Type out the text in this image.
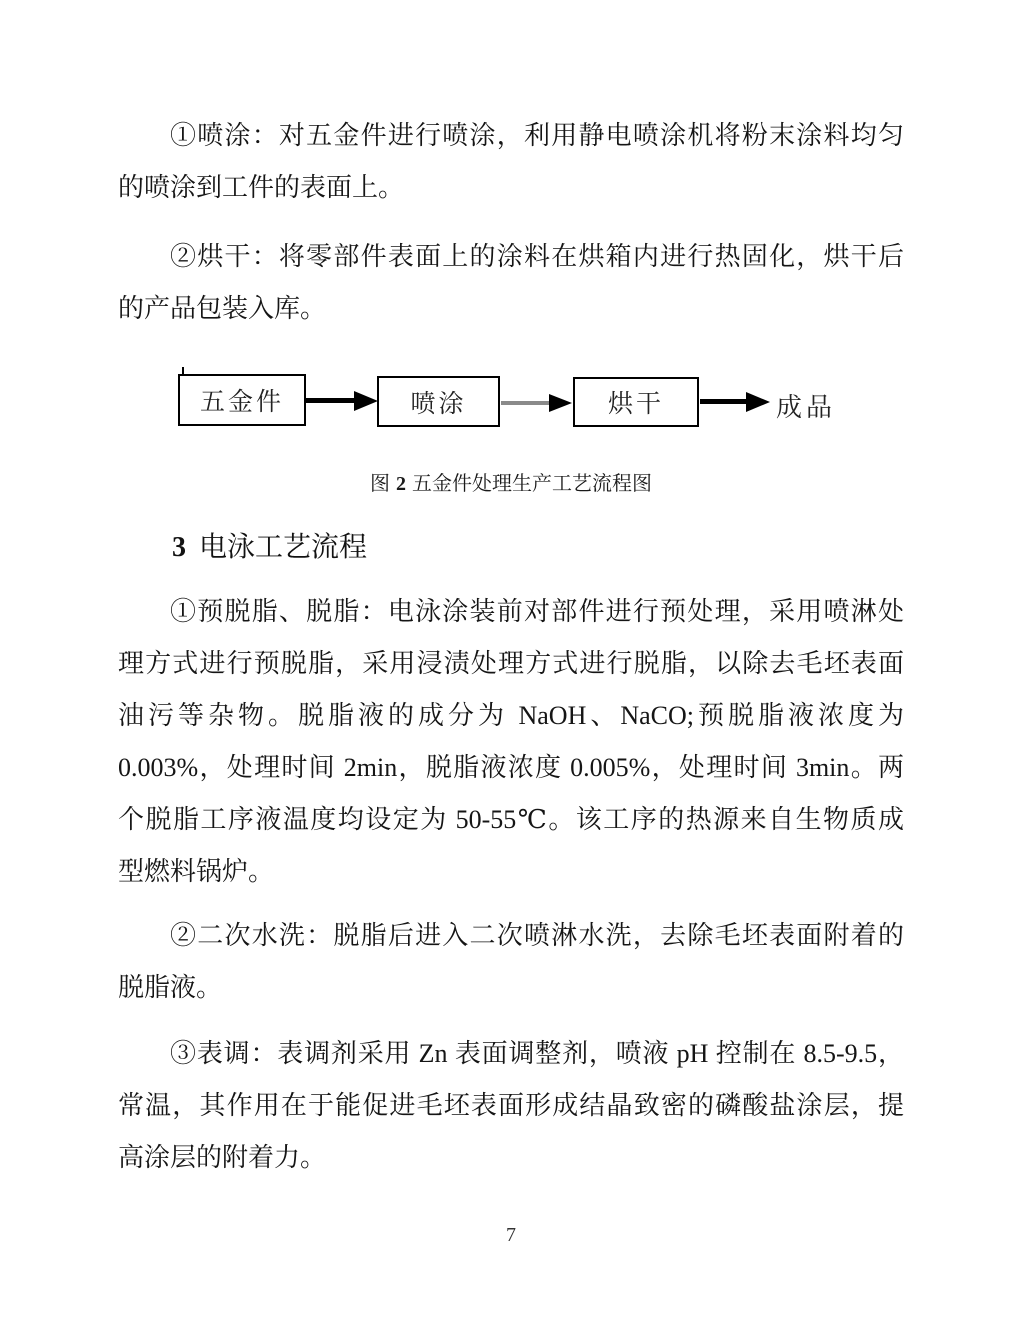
①喷涂：对五金件进行喷涂，利用静电喷涂机将粉末涂料均匀
的喷涂到工件的表面上。
②烘干：将零部件表面上的涂料在烘箱内进行热固化，烘干后
的产品包装入库。
五金件	喷涂	烘干	成品
图 2 五金件处理生产工艺流程图
3 电泳工艺流程
①预脱脂、脱脂：电泳涂装前对部件进行预处理，采用喷淋处
理方式进行预脱脂，采用浸渍处理方式进行脱脂，以除去毛坯表面
油污等杂物。脱脂液的成分为 NaOH、NaCO;预脱脂液浓度为
0.003%，处理时间 2min，脱脂液浓度 0.005%，处理时间 3min。两
个脱脂工序液温度均设定为 50-55℃。该工序的热源来自生物质成
型燃料锅炉。
②二次水洗：脱脂后进入二次喷淋水洗，去除毛坯表面附着的
脱脂液。
③表调：表调剂采用 Zn 表面调整剂，喷液 pH 控制在 8.5-9.5，
常温，其作用在于能促进毛坯表面形成结晶致密的磷酸盐涂层，提
高涂层的附着力。
7
